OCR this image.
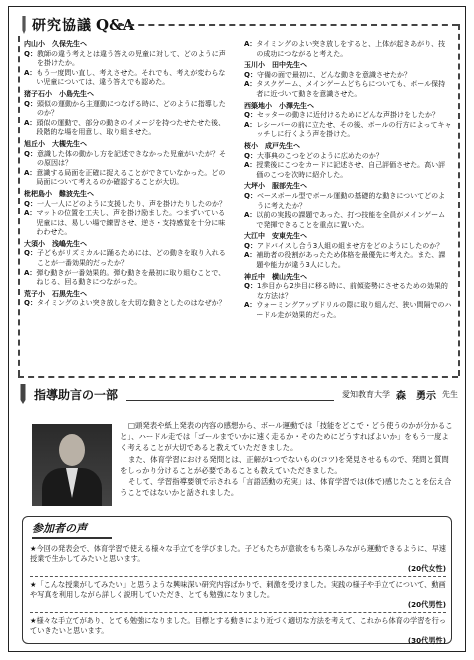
研究協議 Q&A
内山小　久保先生へ
Q： 教師の違う考えとは違う答えの児童に対して、どのように声を掛けたか。
A： もう一度問い直し、考えさせた。それでも、考えが変わらない児童については、違う答えでも認めた。
猪子石小　小島先生へ
Q： 頭似の運動から主運動につなげる時に、どのように指導したのか？
A： 頭似の運動で、部分の動きのイメージを持つたせたせた後、段階的な場を用意し、取り組ませた。
旭丘小　大槻先生へ
Q： 意識した体の動かし方を記述できなかった児童がいたが？その原因は？
A： 意識する局面を正確に捉えることができていなかった。どの局面について考えるのか確認することが大切。
枇杷島小　難波先生へ
Q： 一人一人にどのように支援したり、声を掛けたりしたのか？
A： マットの位置を工夫し、声を掛け励ました。つまずいている児童には、易しい場で練習させ、逆さ・支持感覚を十分に味わわせた。
大須小　浅嶋先生へ
Q： 子どもがリズミカルに踊るためには、どの動きを取り入れることが一番効果的だったか？
A： 弾む動きが一番効果的。弾む動きを最初に取り組むことで、ねじる、回る動きにつながった。
荒子小　石黒先生へ
Q： タイミングのよい突き放しを大切な動きとしたのはなぜか？
A： タイミングのよい突き放しをすると、上体が起きあがり、技の成功につながると考えた。
玉川小　田中先生へ
Q： 守備の面で最初に、どんな動きを意識させたか？
A： タスクゲーム、メインゲームどちらについても、ボール保持者に近づいて動きを意識させた。
西築地小　小澤先生へ
Q： セッターの動きに近付けるためにどんな声掛けをしたか？
A： レシーバーの前に立たせ、その後、ボールの行方によってキャッチしに行くよう声を掛けた。
桜小　成戸先生へ
Q： 大事典のこつをどのように広めたのか？
A： 授業後にこつをカードに記述させ、自己評価させた。高い評価のこつを次時に紹介した。
大坪小　服部先生へ
Q： ベースボール型でボール運動の基礎的な動きについてどのように考えたか？
A： 以前の実践の課題であった、打つ技能を全員がメインゲームで発揮できることを重点に置いた。
大江中　安東先生へ
Q： アドバイスし合う3人組の組ませ方をどのようにしたのか？
A： 補助者の役割があったため体格を最優先に考えた。また、課題や能力が違う3人にした。
神丘中　横山先生へ
Q： 1歩目から2歩目に移る時に、前傾姿勢にさせるための効果的な方法は？
A： ウォーミングアップドリルの際に取り組んだ、狭い間隔でのハードル走が効果的だった。
指導助言の一部	愛知教育大学 森　勇示 先生

□頭発表や紙上発表の内容の感想から、ボール運動では「技能をどこで・どう使うのかが分かること」、ハードル走では「ゴールまでいかに速く走るか・そのためにどうすればよいか」をもう一度よく考えることが大切であると教えていただきました。

また、体育学習における発問とは、正解が1つでないもの(コツ)を発見させるもので、発問と質問をしっかり分けることが必要であることも教えていただきました。

そして、学習指導要領で示される「言語活動の充実」は、体育学習では(体で)感じたことを伝え合うことではないかと話されました。

参加者の声
★今回の発表会で、体育学習で使える様々な手立てを学びました。子どもたちが意欲をもち楽しみながら運動できるように、早速授業で生かしてみたいと思います。
(20代女性)
★「こんな授業がしてみたい」と思うような興味深い研究内容ばかりで、刺激を受けました。実践の様子や手立てについて、動画や写真を利用しながら詳しく説明していただき、とても勉強になりました。
(20代男性)
★様々な手立てがあり、とても勉強になりました。目標とする動きにより近づく適切な方法を考えて、これから体育の学習を行っていきたいと思います。
(30代男性)
